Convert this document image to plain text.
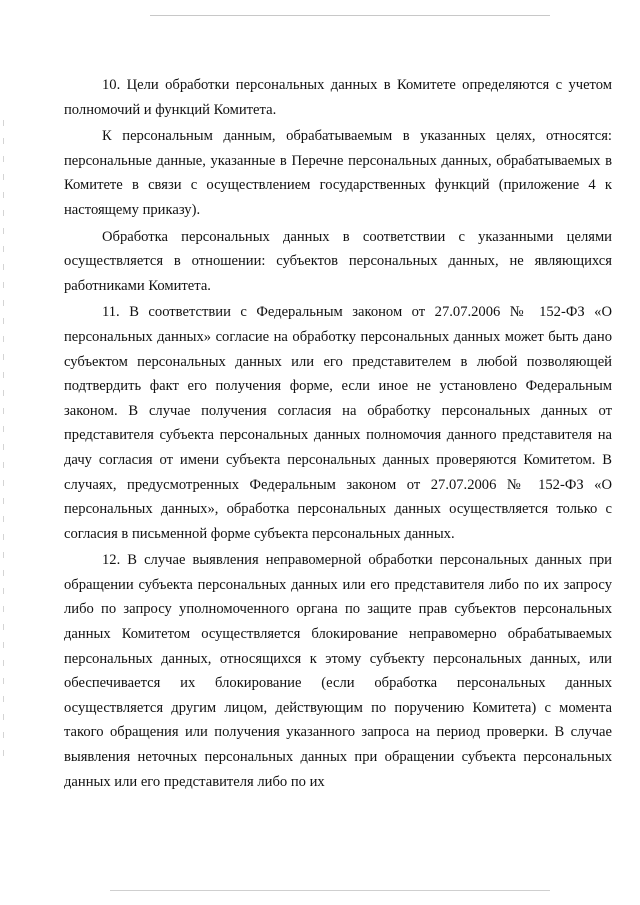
10. Цели обработки персональных данных в Комитете определяются с учетом полномочий и функций Комитета.

К персональным данным, обрабатываемым в указанных целях, относятся: персональные данные, указанные в Перечне персональных данных, обрабатываемых в Комитете в связи с осуществлением государственных функций (приложение 4 к настоящему приказу).

Обработка персональных данных в соответствии с указанными целями осуществляется в отношении: субъектов персональных данных, не являющихся работниками Комитета.

11. В соответствии с Федеральным законом от 27.07.2006 № 152-ФЗ «О персональных данных» согласие на обработку персональных данных может быть дано субъектом персональных данных или его представителем в любой позволяющей подтвердить факт его получения форме, если иное не установлено Федеральным законом. В случае получения согласия на обработку персональных данных от представителя субъекта персональных данных полномочия данного представителя на дачу согласия от имени субъекта персональных данных проверяются Комитетом. В случаях, предусмотренных Федеральным законом от 27.07.2006 № 152-ФЗ «О персональных данных», обработка персональных данных осуществляется только с согласия в письменной форме субъекта персональных данных.

12. В случае выявления неправомерной обработки персональных данных при обращении субъекта персональных данных или его представителя либо по их запросу либо по запросу уполномоченного органа по защите прав субъектов персональных данных Комитетом осуществляется блокирование неправомерно обрабатываемых персональных данных, относящихся к этому субъекту персональных данных, или обеспечивается их блокирование (если обработка персональных данных осуществляется другим лицом, действующим по поручению Комитета) с момента такого обращения или получения указанного запроса на период проверки. В случае выявления неточных персональных данных при обращении субъекта персональных данных или его представителя либо по их
